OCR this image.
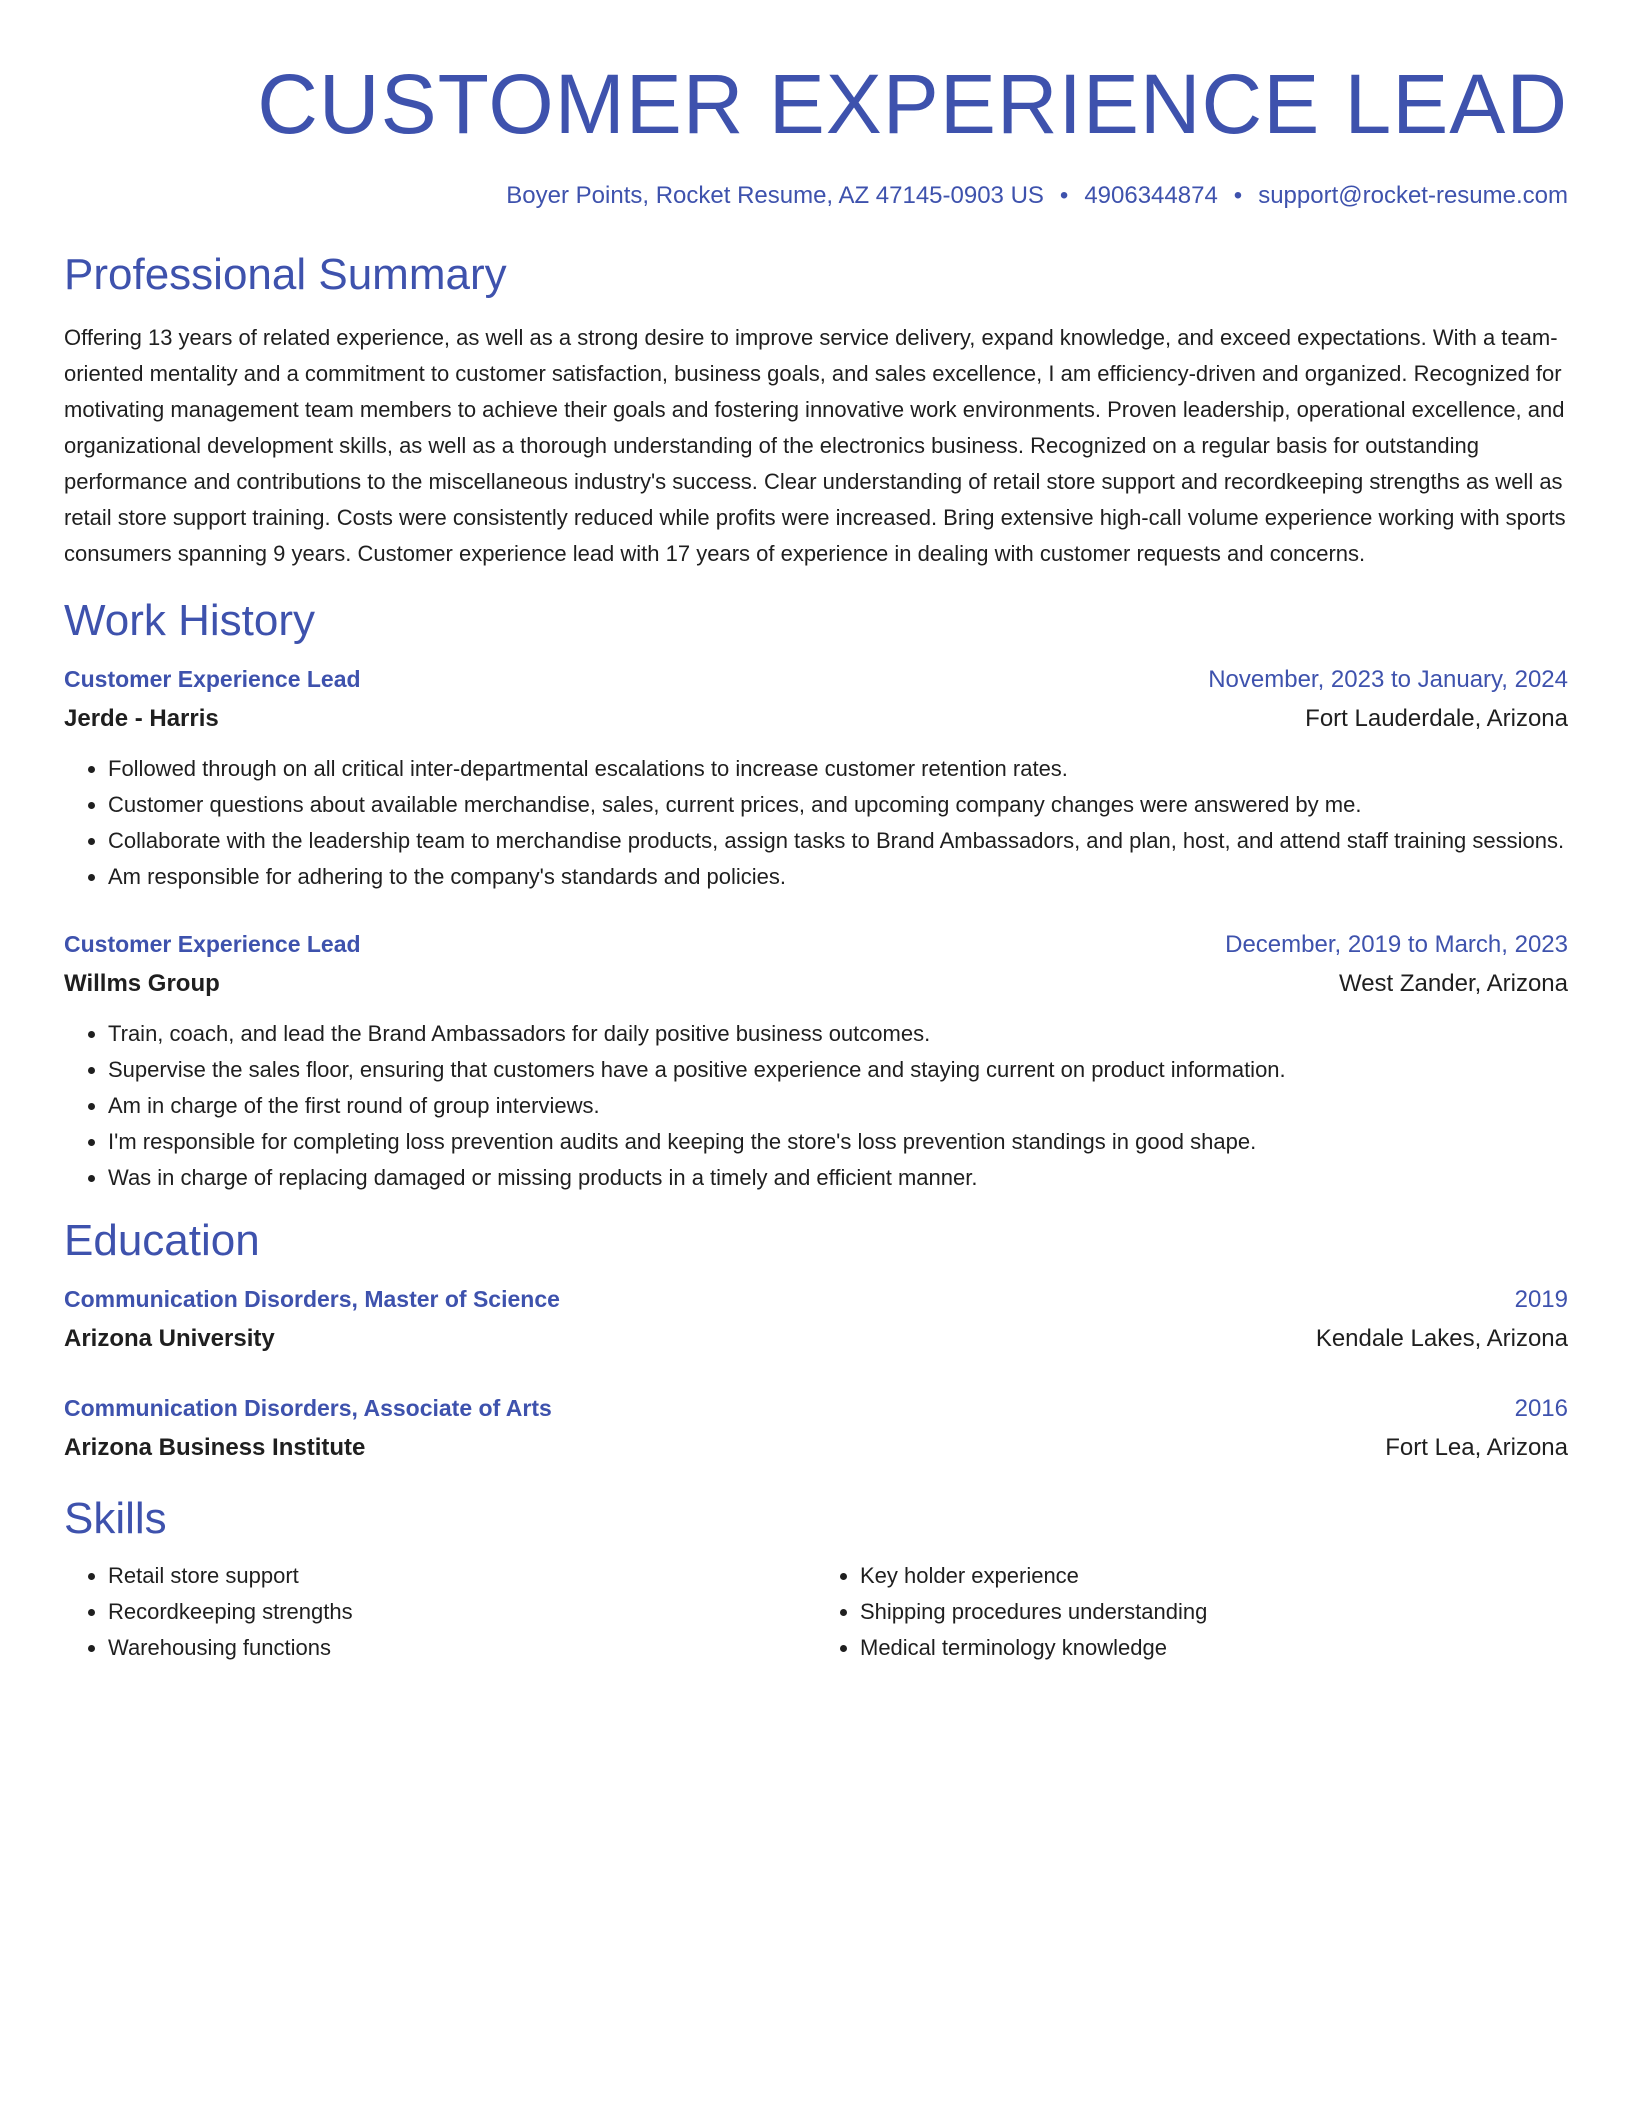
CUSTOMER EXPERIENCE LEAD
Boyer Points, Rocket Resume, AZ 47145-0903 US • 4906344874 • support@rocket-resume.com
Professional Summary
Offering 13 years of related experience, as well as a strong desire to improve service delivery, expand knowledge, and exceed expectations. With a team-oriented mentality and a commitment to customer satisfaction, business goals, and sales excellence, I am efficiency-driven and organized. Recognized for motivating management team members to achieve their goals and fostering innovative work environments. Proven leadership, operational excellence, and organizational development skills, as well as a thorough understanding of the electronics business. Recognized on a regular basis for outstanding performance and contributions to the miscellaneous industry's success. Clear understanding of retail store support and recordkeeping strengths as well as retail store support training. Costs were consistently reduced while profits were increased. Bring extensive high-call volume experience working with sports consumers spanning 9 years. Customer experience lead with 17 years of experience in dealing with customer requests and concerns.
Work History
Customer Experience Lead	November, 2023 to January, 2024
Jerde - Harris	Fort Lauderdale, Arizona
• Followed through on all critical inter-departmental escalations to increase customer retention rates.
• Customer questions about available merchandise, sales, current prices, and upcoming company changes were answered by me.
• Collaborate with the leadership team to merchandise products, assign tasks to Brand Ambassadors, and plan, host, and attend staff training sessions.
• Am responsible for adhering to the company's standards and policies.
Customer Experience Lead	December, 2019 to March, 2023
Willms Group	West Zander, Arizona
• Train, coach, and lead the Brand Ambassadors for daily positive business outcomes.
• Supervise the sales floor, ensuring that customers have a positive experience and staying current on product information.
• Am in charge of the first round of group interviews.
• I'm responsible for completing loss prevention audits and keeping the store's loss prevention standings in good shape.
• Was in charge of replacing damaged or missing products in a timely and efficient manner.
Education
Communication Disorders, Master of Science	2019
Arizona University	Kendale Lakes, Arizona
Communication Disorders, Associate of Arts	2016
Arizona Business Institute	Fort Lea, Arizona
Skills
• Retail store support
• Recordkeeping strengths
• Warehousing functions
• Key holder experience
• Shipping procedures understanding
• Medical terminology knowledge
